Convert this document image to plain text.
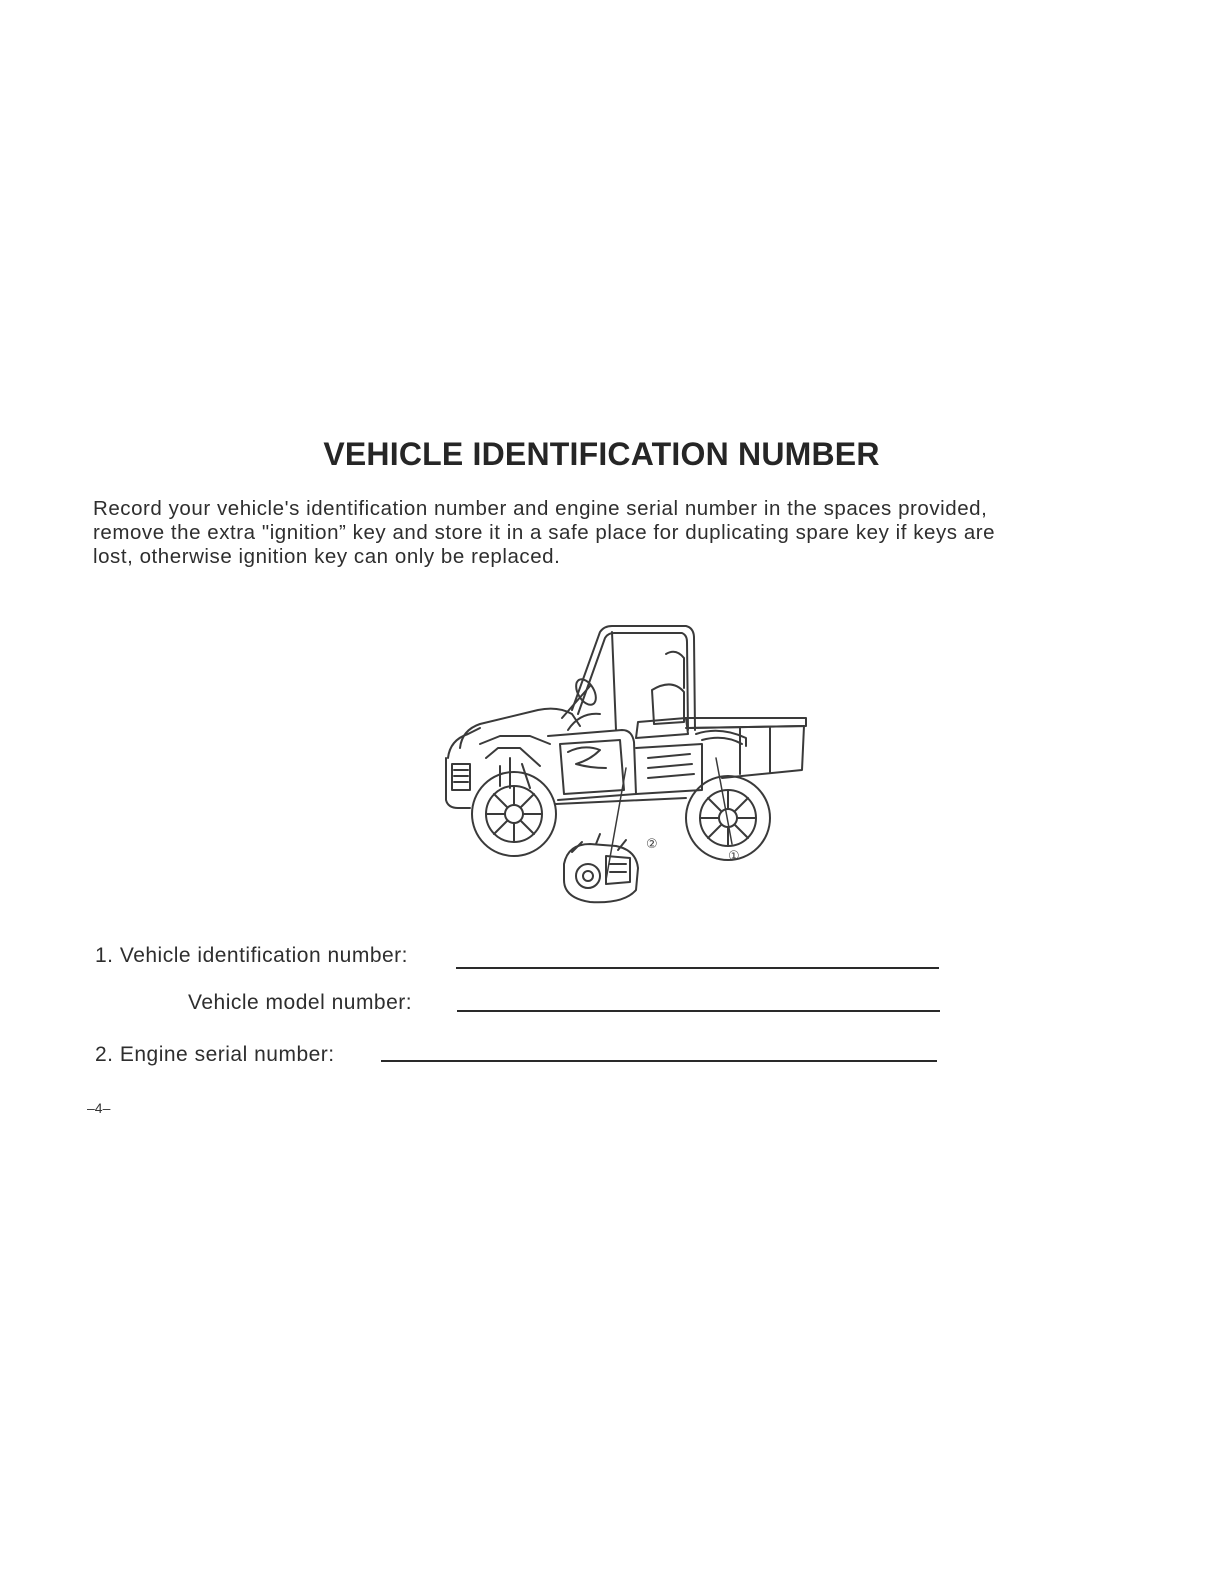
VEHICLE IDENTIFICATION NUMBER

Record your vehicle's identification number and engine serial number in the spaces provided,
remove the extra "ignition” key and store it in a safe place for duplicating spare key if keys are
lost, otherwise ignition key can only be replaced.

②
①
1. Vehicle identification number:
Vehicle model number:
2. Engine serial number:
–4–
